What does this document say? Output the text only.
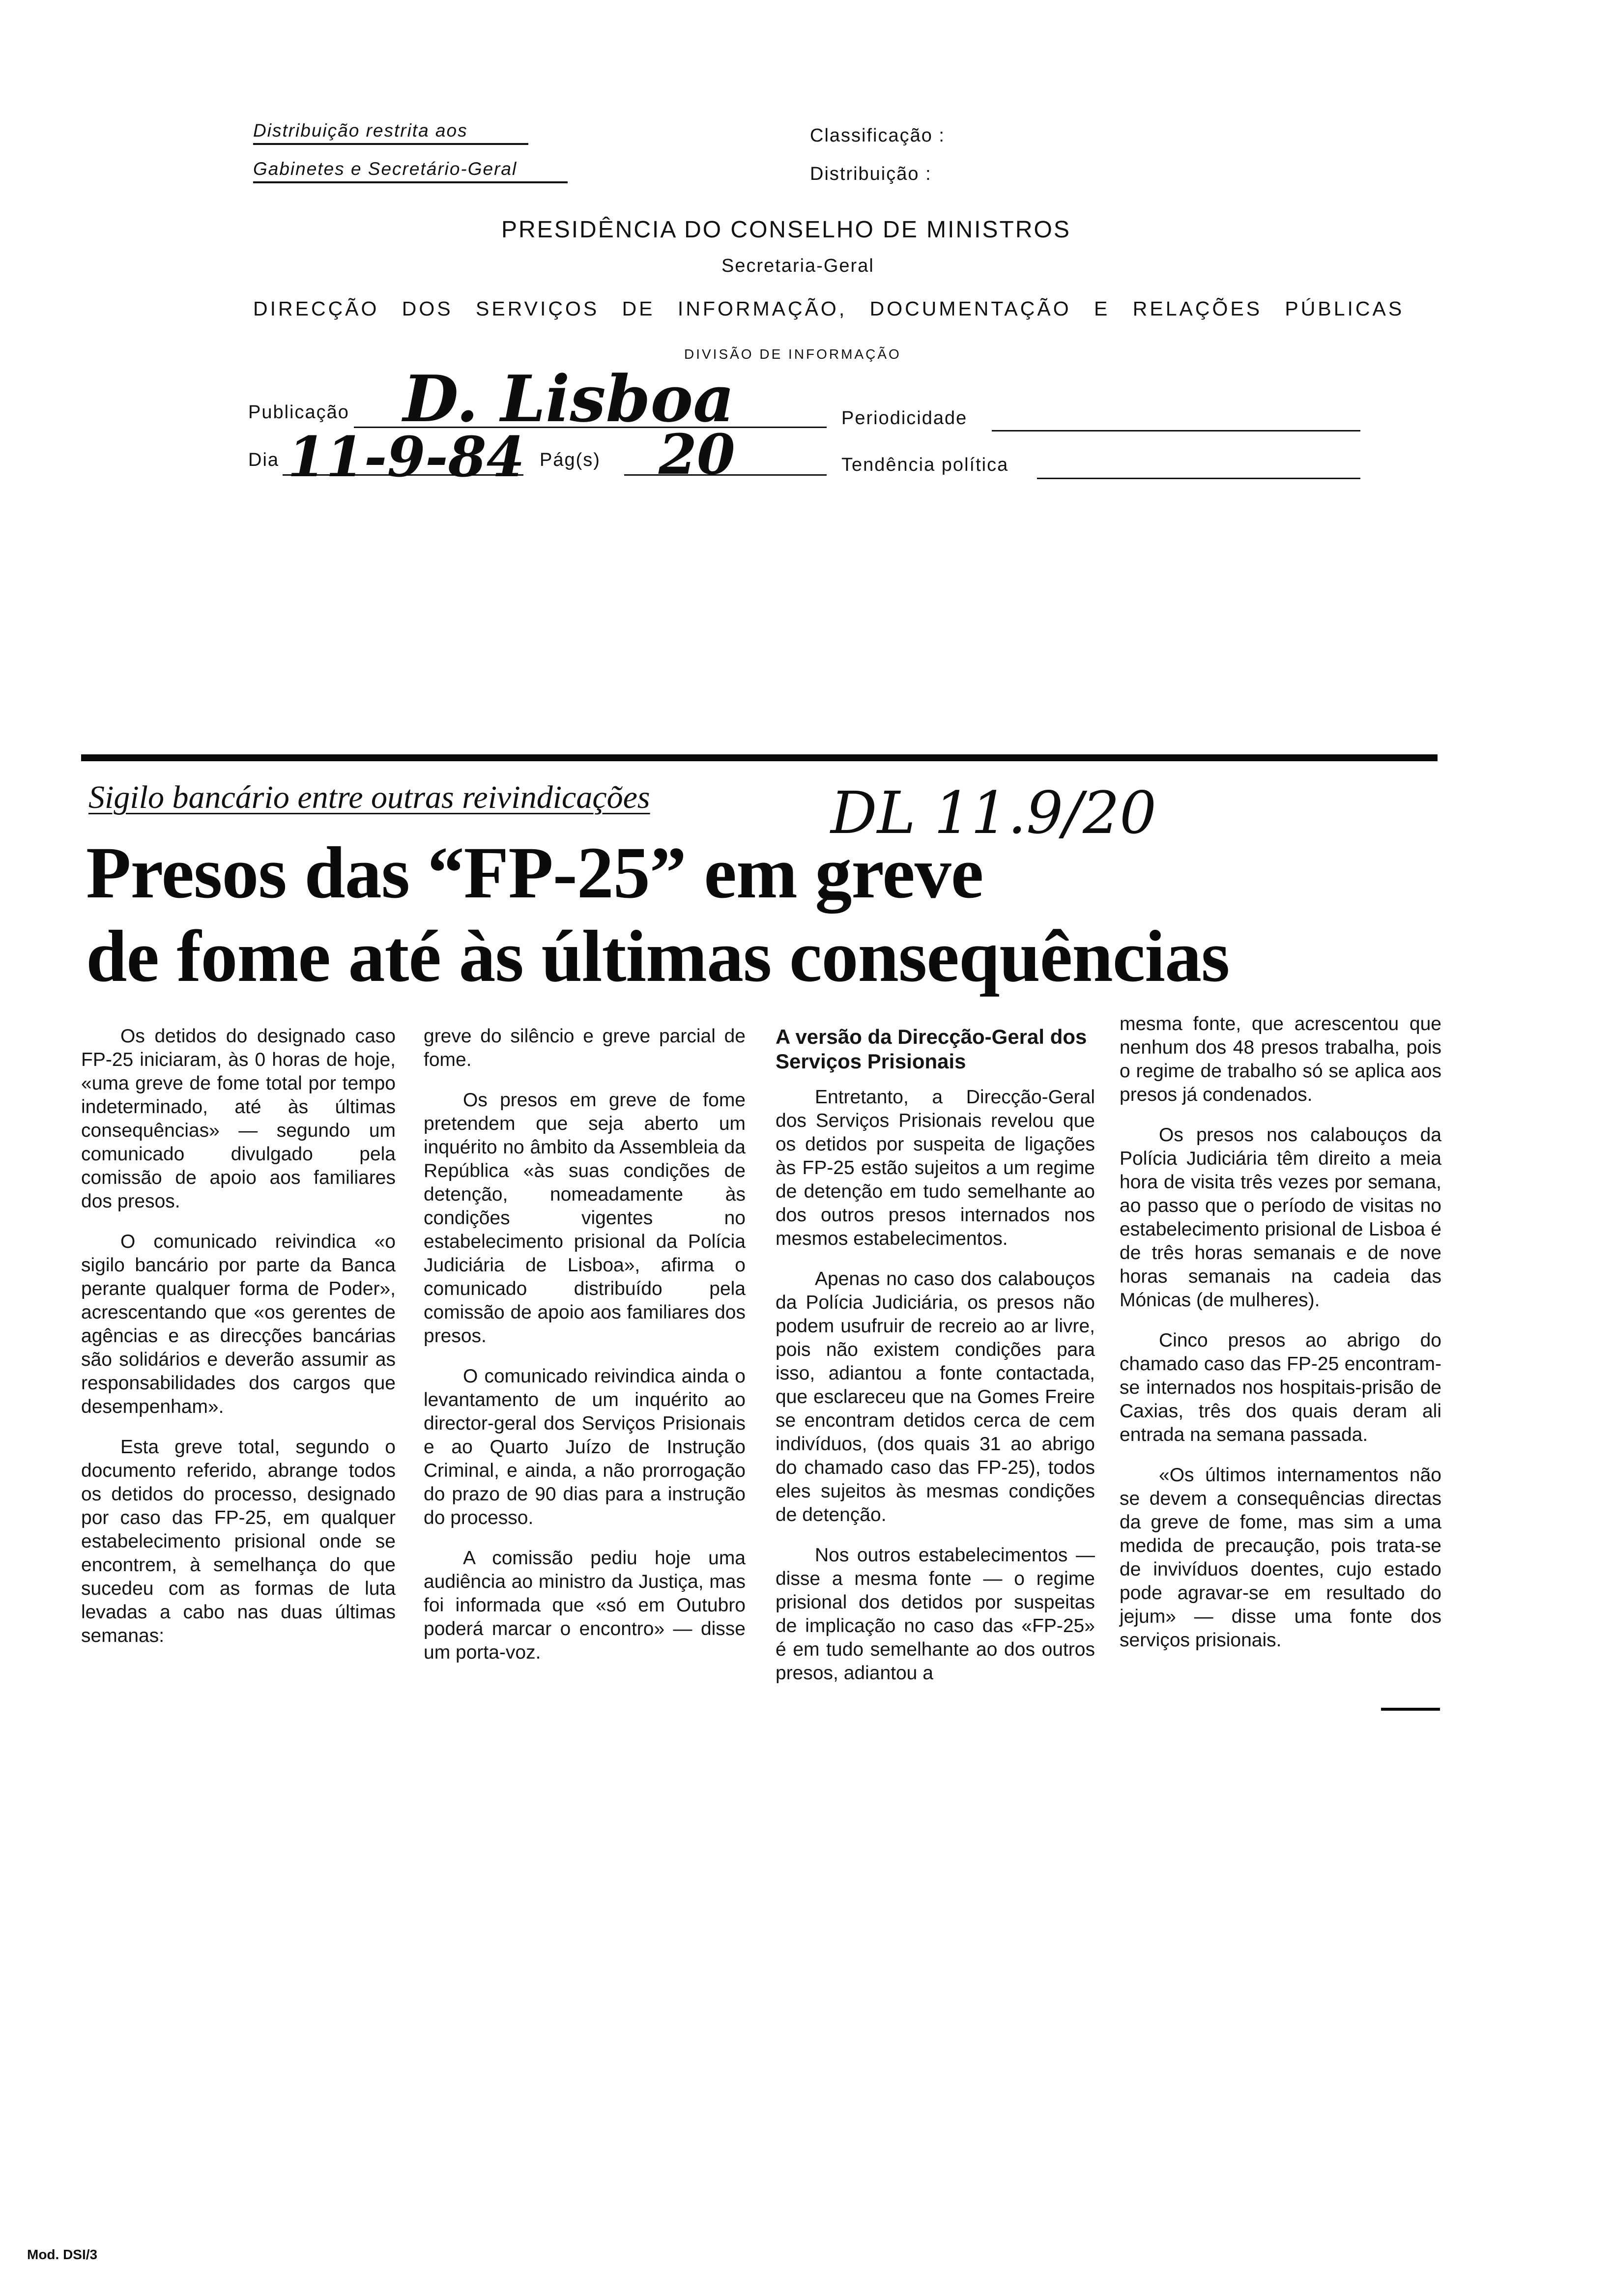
Distribuição restrita aos
Gabinetes e Secretário-Geral
Classificação :
Distribuição :
PRESIDÊNCIA DO CONSELHO DE MINISTROS
Secretaria-Geral
DIRECÇÃO DOS SERVIÇOS DE INFORMAÇÃO, DOCUMENTAÇÃO E RELAÇÕES PÚBLICAS
DIVISÃO DE INFORMAÇÃO
Publicação D. Lisboa	Periodicidade
Dia 11-9-84 Pág(s) 20	Tendência política
Sigilo bancário entre outras reivindicações	DL 11.9/20
Presos das “FP-25” em greve
de fome até às últimas consequências

Os detidos do designado caso FP-25 iniciaram, às 0 horas de hoje, «uma greve de fome total por tempo indeterminado, até às últimas consequências» — segundo um comunicado divulgado pela comissão de apoio aos familiares dos presos.

O comunicado reivindica «o sigilo bancário por parte da Banca perante qualquer forma de Poder», acrescentando que «os gerentes de agências e as direcções bancárias são solidários e deverão assumir as responsabilidades dos cargos que desempenham».

Esta greve total, segundo o documento referido, abrange todos os detidos do processo, designado por caso das FP-25, em qualquer estabelecimento prisional onde se encontrem, à semelhança do que sucedeu com as formas de luta levadas a cabo nas duas últimas semanas:

greve do silêncio e greve parcial de fome.

Os presos em greve de fome pretendem que seja aberto um inquérito no âmbito da Assembleia da República «às suas condições de detenção, nomeadamente às condições vigentes no estabelecimento prisional da Polícia Judiciária de Lisboa», afirma o comunicado distribuído pela comissão de apoio aos familiares dos presos.

O comunicado reivindica ainda o levantamento de um inquérito ao director-geral dos Serviços Prisionais e ao Quarto Juízo de Instrução Criminal, e ainda, a não prorrogação do prazo de 90 dias para a instrução do processo.

A comissão pediu hoje uma audiência ao ministro da Justiça, mas foi informada que «só em Outubro poderá marcar o encontro» — disse um porta-voz.

A versão da Direcção-Geral dos Serviços Prisionais

Entretanto, a Direcção-Geral dos Serviços Prisionais revelou que os detidos por suspeita de ligações às FP-25 estão sujeitos a um regime de detenção em tudo semelhante ao dos outros presos internados nos mesmos estabelecimentos.

Apenas no caso dos calabouços da Polícia Judiciária, os presos não podem usufruir de recreio ao ar livre, pois não existem condições para isso, adiantou a fonte contactada, que esclareceu que na Gomes Freire se encontram detidos cerca de cem indivíduos, (dos quais 31 ao abrigo do chamado caso das FP-25), todos eles sujeitos às mesmas condições de detenção.

Nos outros estabelecimentos — disse a mesma fonte — o regime prisional dos detidos por suspeitas de implicação no caso das «FP-25» é em tudo semelhante ao dos outros presos, adiantou a

mesma fonte, que acrescentou que nenhum dos 48 presos trabalha, pois o regime de trabalho só se aplica aos presos já condenados.

Os presos nos calabouços da Polícia Judiciária têm direito a meia hora de visita três vezes por semana, ao passo que o período de visitas no estabelecimento prisional de Lisboa é de três horas semanais e de nove horas semanais na cadeia das Mónicas (de mulheres).

Cinco presos ao abrigo do chamado caso das FP-25 encontram-se internados nos hospitais-prisão de Caxias, três dos quais deram ali entrada na semana passada.

«Os últimos internamentos não se devem a consequências directas da greve de fome, mas sim a uma medida de precaução, pois trata-se de invivíduos doentes, cujo estado pode agravar-se em resultado do jejum» — disse uma fonte dos serviços prisionais.

Mod. DSI/3
